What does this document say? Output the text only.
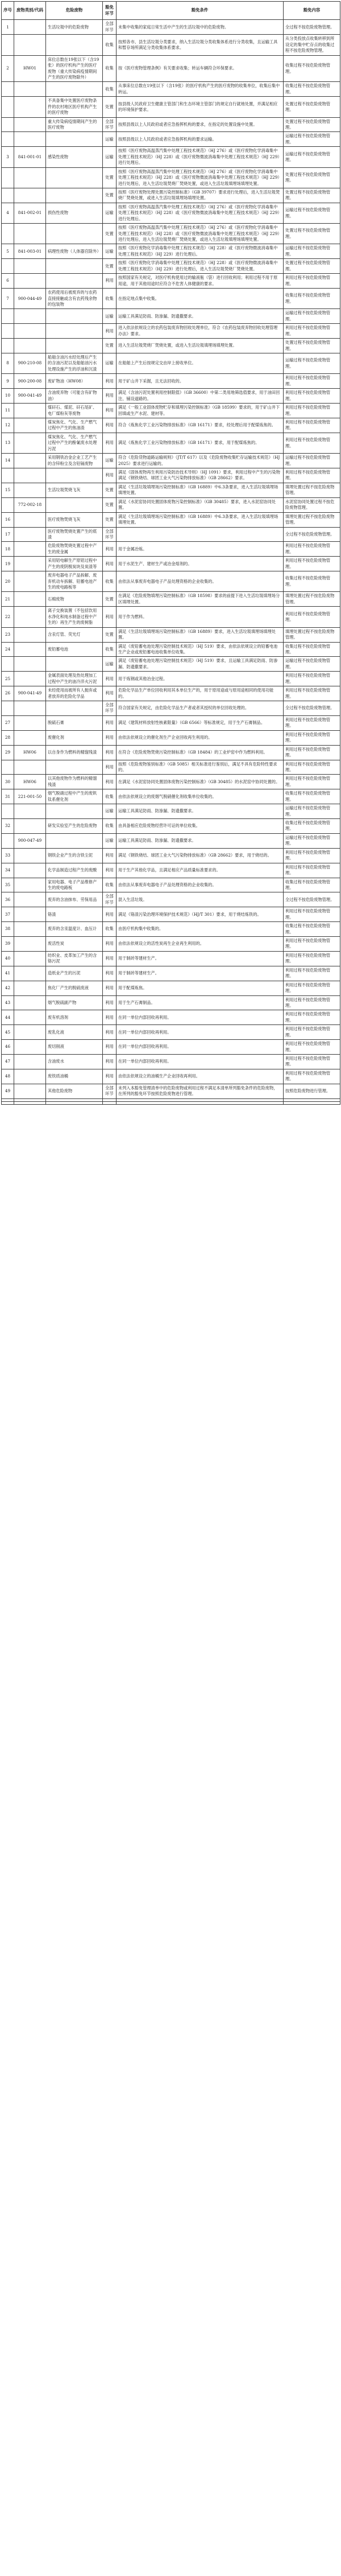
序号	废物类别/代码	危险废物	豁免环节	豁免条件	豁免内容
1		生活垃圾中的危险废物	全部环节	未集中收集的家庭日常生活中产生的生活垃圾中的危险废物。	全过程不按危险废物管理。
			收集	按照各市、县生活垃圾分类要求，纳入生活垃圾分类收集体系进行分类收集，且运输工具和暂存场所满足分类收集体系要求。	从分类投放点收集转移到所设定的集中贮存点的收集过程不按危险废物管理。
2	HW01	床位总数在19张以下（含19张）的医疗机构产生的医疗废物（重大传染病疫情期间产生的医疗废物除外）	收集	按《医疗废物管理条例》有关要求收集；转运车辆符合环保要求。	收集过程不按危险废物管理。
			收集	从事床位总数在19张以下（含19张）的医疗机构产生的医疗废物的收集单位，收集后集中转运。	收集过程不按危险废物管理。
		不具备集中处置医疗废物条件的农村地区医疗机构产生的医疗废物	处置	按县级人民政府卫生健康主管部门和生态环境主管部门的规定自行就地处置，并满足相应的环境保护要求。	处置过程不按危险废物管理。
		重大传染病疫情期间产生的医疗废物	全部环节	按照县级以上人民政府或者应急指挥机构的要求，在指定的处置设施中处置。	处置过程不按危险废物管理。
			运输	按照县级以上人民政府或者应急指挥机构的要求运输。	运输过程不按危险废物管理。
3	841-001-01	感染性废物	运输	按照《医疗废物高温蒸汽集中处理工程技术规范》（HJ 276）或《医疗废物化学消毒集中处理工程技术规范》（HJ 228）或《医疗废物微波消毒集中处理工程技术规范》（HJ 229）进行处理后。	运输过程不按危险废物管理。
			处置	按照《医疗废物高温蒸汽集中处理工程技术规范》（HJ 276）或《医疗废物化学消毒集中处理工程技术规范》（HJ 228）或《医疗废物微波消毒集中处理工程技术规范》（HJ 229）进行处理后，进入生活垃圾焚烧厂焚烧处置，或进入生活垃圾填埋场填埋处置。	处置过程不按危险废物管理。
			处置	按照《医疗废物处理处置污染控制标准》（GB 39707）要求进行处理后，进入生活垃圾焚烧厂焚烧处置，或进入生活垃圾填埋场填埋处置。	处置过程不按危险废物管理。
4	841-002-01	损伤性废物	运输	按照《医疗废物高温蒸汽集中处理工程技术规范》（HJ 276）或《医疗废物化学消毒集中处理工程技术规范》（HJ 228）或《医疗废物微波消毒集中处理工程技术规范》（HJ 229）进行处理后。	运输过程不按危险废物管理。
			处置	按照《医疗废物高温蒸汽集中处理工程技术规范》（HJ 276）或《医疗废物化学消毒集中处理工程技术规范》（HJ 228）或《医疗废物微波消毒集中处理工程技术规范》（HJ 229）进行处理后，进入生活垃圾焚烧厂焚烧处置，或进入生活垃圾填埋场填埋处置。	处置过程不按危险废物管理。
5	841-003-01	病理性废物（人体器官除外）	运输	按照《医疗废物化学消毒集中处理工程技术规范》（HJ 228）或《医疗废物微波消毒集中处理工程技术规范》（HJ 229）进行处理后。	运输过程不按危险废物管理。
			处置	按照《医疗废物化学消毒集中处理工程技术规范》（HJ 228）或《医疗废物微波消毒集中处理工程技术规范》（HJ 229）进行处理后，进入生活垃圾焚烧厂焚烧处置。	处置过程不按危险废物管理。
6			利用	按照国家有关规定，对医疗机构使用过的输液瓶（袋）进行回收利用；利用过程不用于原用途，用于其他用途时应符合不危害人体健康的要求。	利用过程不按危险废物管理。
7	900-044-49	农药使用后被废弃的与农药直接接触或含有农药残余物的包装物	收集	在指定地点集中收集。	收集过程不按危险废物管理。
			运输	运输工具满足防雨、防渗漏、防遗撒要求。	运输过程不按危险废物管理。
			利用	进入依法依规设立的农药包装废弃物回收处理单位，符合《农药包装废弃物回收处理管理办法》要求。	利用过程不按危险废物管理。
			处置	进入生活垃圾焚烧厂焚烧处置，或进入生活垃圾填埋场填埋处置。	处置过程不按危险废物管理。
8	900-210-08	船舶含油污水经处理后产生的含油污泥以及船舶油污水处理设施产生的浮油和沉渣	运输	在船舶上产生后按规定交由岸上接收单位。	运输过程不按危险废物管理。
9	900-200-08	废矿物油（HW08）	利用	用于矿山井下采掘，且无法回收的。	利用过程不按危险废物管理。
10	900-041-49	含油废弃物（可能含有矿物油）	利用	满足《含油污泥处置利用控制限值》（GB 36600）中第二类用地筛选值要求，用于油田回注、铺设道路的。	利用过程不按危险废物管理。
11		煤矸石、煤泥、矸石尾矿、电厂煤粉灰等废物	利用	满足《一般工业固体废物贮存和填埋污染控制标准》（GB 18599）要求的，用于矿山井下回填或生产水泥、建材等。	利用过程不按危险废物管理。
12		煤炭焦化、气化、生产燃气过程中产生的焦油渣	利用	符合《炼焦化学工业污染物排放标准》（GB 16171）要求，经处理后用于配煤炼焦的。	利用过程不按危险废物管理。
13		煤炭焦化、气化、生产燃气过程中产生的酚氰废水处理污泥	利用	满足《炼焦化学工业污染物排放标准》（GB 16171）要求，用于配煤炼焦的。	利用过程不按危险废物管理。
14		采用钢铁冶金企业工艺产生的含锌粉尘及含铅镉废物	运输	符合《危险货物道路运输规则》（JT/T 617）以及《危险废物收集贮存运输技术规范》（HJ 2025）要求进行运输的。	运输过程不按危险废物管理。
			利用	满足《固体废物再生利用污染防治技术导则》（HJ 1091）要求，利用过程中产生的污染物满足《钢铁烧结、球团工业大气污染物排放标准》（GB 28662）要求。	利用过程不按危险废物管理。
15		生活垃圾焚烧飞灰	处置	满足《生活垃圾填埋场污染控制标准》（GB 16889）中6.3条要求，进入生活垃圾填埋场填埋处置。	填埋处置过程不按危险废物管理。
	772-002-18		处置	满足《水泥窑协同处置固体废物污染控制标准》（GB 30485）要求，进入水泥窑协同处置。	水泥窑协同处置过程不按危险废物管理。
16		医疗废物焚烧飞灰	处置	满足《生活垃圾填埋场污染控制标准》（GB 16889）中6.3条要求，进入生活垃圾填埋场填埋处置。	填埋处置过程不按危险废物管理。
17		医疗废物焚烧处置产生的底渣	全部环节		全过程不按危险废物管理。
18		危险废物焚烧处置过程中产生的废金属	利用	用于金属冶炼。	利用过程不按危险废物管理。
19		采用铝电解生产原铝过程中产生的废阴极炭块及炭渣等	利用	用于水泥生产、建材生产或冶金熔剂的。	利用过程不按危险废物管理。
20		废弃电器电子产品拆解、废弃机动车拆解、铅蓄电池产生的废电路板等	收集	由依法从事废弃电器电子产品处理资格的企业收集的。	收集过程不按危险废物管理。
21		石棉废物	处置	在满足《危险废物填埋污染控制标准》（GB 18598）要求的前提下进入生活垃圾填埋场分区填埋处置。	填埋处置过程不按危险废物管理。
22		离子交换装置（不包括饮用水净化和纯水制备过程中产生的）再生产生的废树脂	利用	用于作为燃料。	利用过程不按危险废物管理。
23		含汞灯管、荧光灯	处置	满足《生活垃圾填埋场污染控制标准》（GB 16889）要求，进入生活垃圾填埋场填埋处置。	填埋处置过程不按危险废物管理。
24		废铅蓄电池	收集	满足《废铅蓄电池处理污染控制技术规范》（HJ 519）要求，由依法依规设立的铅蓄电池生产企业或废铅蓄电池收集单位收集。	收集过程不按危险废物管理。
			运输	满足《废铅蓄电池处理污染控制技术规范》（HJ 519）要求，且运输工具满足防雨、防渗漏、防遗撒要求。	运输过程不按危险废物管理。
25		金属表面处理及热处理加工过程中产生的油冷淬火污泥	利用	用于炼钢或其他冶金过程。	利用过程不按危险废物管理。
26	900-041-49	未经使用而被所有人抛弃或者放弃的危险化学品	利用	危险化学品生产单位回收利用其本单位生产的，用于原用途或与原用途相同的使用功能的。	利用过程不按危险废物管理。
			全部环节	符合国家有关规定，由危险化学品生产者或者其授权的单位回收处理的。	全过程不按危险废物管理。
27		脱硫石膏	利用	满足《建筑材料放射性核素限量》（GB 6566）等标准规定，用于生产石膏制品。	利用过程不按危险废物管理。
28		废催化剂	利用	由依法依规设立的催化剂生产企业回收再生利用的。	利用过程不按危险废物管理。
29	HW06	以自身作为燃料的精馏残渣	利用	在符合《危险废物焚烧污染控制标准》（GB 18484）的工业炉窑中作为燃料利用。	利用过程不按危险废物管理。
			利用	按照《危险废物鉴别标准》（GB 5085）相关标准进行鉴别后，满足不具有危险特性要求的。	利用过程不按危险废物管理。
30	HW06	以其他废物作为燃料的精馏残渣	利用	在满足《水泥窑协同处置固体废物污染控制标准》（GB 30485）的水泥窑中协同处置的。	利用过程不按危险废物管理。
31	221-001-50	烟气脱硝过程中产生的废钒钛系催化剂	收集	由依法依规设立的废烟气脱硝催化剂收集单位收集的。	收集过程不按危险废物管理。
			运输	运输工具满足防雨、防渗漏、防遗撒要求。	运输过程不按危险废物管理。
32		研发实验室产生的危险废物	收集	由具备相应危险废物经营许可证的单位收集。	收集过程不按危险废物管理。
	900-047-49		运输	运输工具满足防雨、防渗漏、防遗撒要求。	运输过程不按危险废物管理。
33		钢铁企业产生的含铁尘泥	利用	满足《钢铁烧结、球团工业大气污染物排放标准》（GB 28662）要求，用于烧结的。	利用过程不按危险废物管理。
34		化学品制造过程产生的废酸	利用	用于生产其他化学品，且满足相应产品质量标准要求的。	利用过程不按危险废物管理。
35		家用电器、电子产品维修产生的废电路板	收集	由依法从事废弃电器电子产品处理资格的企业收集的。	收集过程不按危险废物管理。
36		废弃的含油抹布、劳保用品	全部环节	混入生活垃圾。	全过程不按危险废物管理。
37		铬渣	利用	满足《铬渣污染治理环境保护技术规范》（HJ/T 301）要求，用于烧结炼铁的。	利用过程不按危险废物管理。
38		废弃的含汞温度计、血压计	收集	由医疗机构集中收集的。	收集过程不按危险废物管理。
39		废活性炭	利用	由依法依规设立的活性炭再生企业再生利用的。	利用过程不按危险废物管理。
40		纺织业、皮革加工产生的含铬污泥	利用	用于制砖等建材生产。	利用过程不按危险废物管理。
41		造纸业产生的污泥	利用	用于制砖等建材生产。	利用过程不按危险废物管理。
42		焦化厂产生的脱硫废液	利用	用于配煤炼焦。	利用过程不按危险废物管理。
43		烟气脱硫副产物	利用	用于生产石膏制品。	利用过程不按危险废物管理。
44		废有机溶剂	利用	在同一单位内部回收再利用。	利用过程不按危险废物管理。
45		废乳化液	利用	在同一单位内部回收再利用。	利用过程不按危险废物管理。
46		废切削液	利用	在同一单位内部回收再利用。	利用过程不按危险废物管理。
47		含油废水	利用	在同一单位内部回收再利用。	利用过程不按危险废物管理。
48		废铁质油桶	利用	由依法依规设立的油桶生产企业回收再利用。	利用过程不按危险废物管理。
49		其他危险废物	全部环节	未列入本豁免管理清单中的危险废物或利用过程不满足本清单所列豁免条件的危险废物，在所列的豁免环节按照危险废物进行管理。	按照危险废物进行管理。
